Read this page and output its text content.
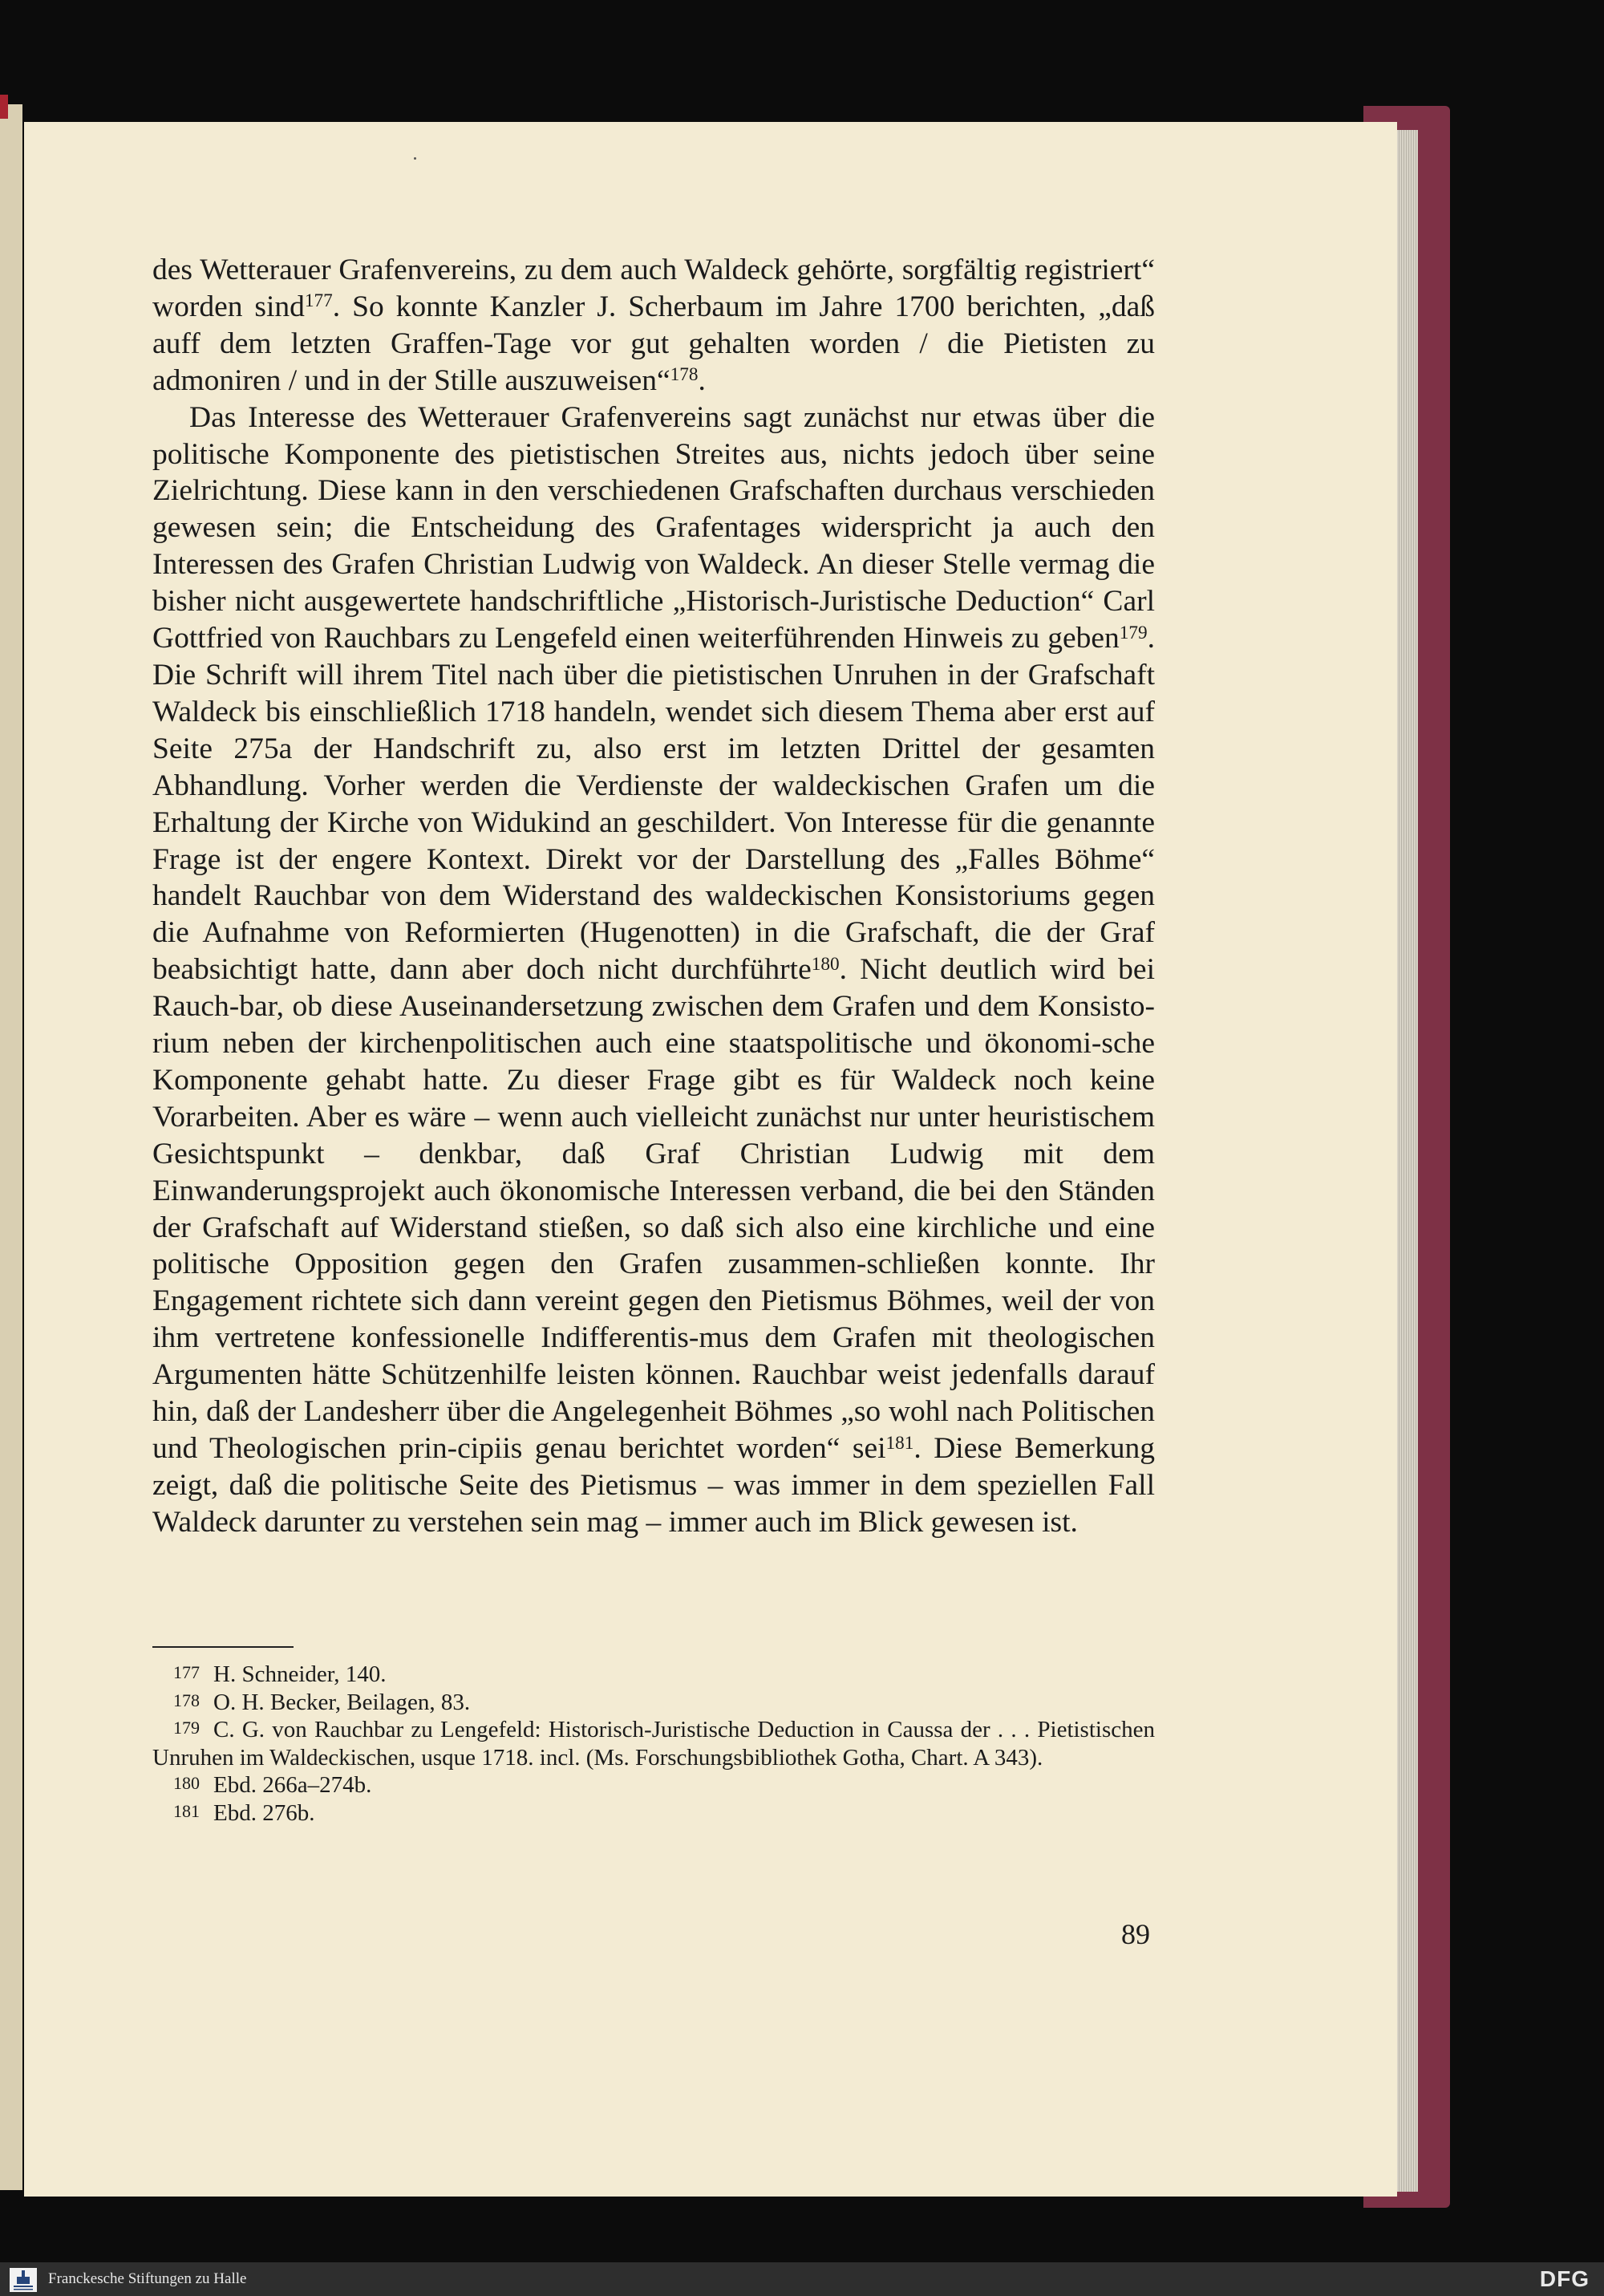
des Wetterauer Grafenvereins, zu dem auch Waldeck gehörte, sorgfältig registriert“ worden sind$^{177}$. So konnte Kanzler J. Scherbaum im Jahre 1700 berichten, „daß auff dem letzten Graffen-Tage vor gut gehalten worden / die Pietisten zu admoniren / und in der Stille auszuweisen“$^{178}$.

Das Interesse des Wetterauer Grafenvereins sagt zunächst nur etwas über die politische Komponente des pietistischen Streites aus, nichts jedoch über seine Zielrichtung. Diese kann in den verschiedenen Grafschaften durchaus verschieden gewesen sein; die Entscheidung des Grafentages widerspricht ja auch den Interessen des Grafen Christian Ludwig von Waldeck. An dieser Stelle vermag die bisher nicht ausgewertete handschriftliche „Historisch-Juristische Deduction“ Carl Gottfried von Rauchbars zu Lengefeld einen weiterführenden Hinweis zu geben$^{179}$. Die Schrift will ihrem Titel nach über die pietistischen Unruhen in der Grafschaft Waldeck bis einschließlich 1718 handeln, wendet sich diesem Thema aber erst auf Seite 275a der Handschrift zu, also erst im letzten Drittel der gesamten Abhandlung. Vorher werden die Verdienste der waldeckischen Grafen um die Erhaltung der Kirche von Widukind an geschildert. Von Interesse für die genannte Frage ist der engere Kontext. Direkt vor der Darstellung des „Falles Böhme“ handelt Rauchbar von dem Widerstand des waldeckischen Konsistoriums gegen die Aufnahme von Reformierten (Hugenotten) in die Grafschaft, die der Graf beabsichtigt hatte, dann aber doch nicht durchführte$^{180}$. Nicht deutlich wird bei Rauch-bar, ob diese Auseinandersetzung zwischen dem Grafen und dem Konsisto-rium neben der kirchenpolitischen auch eine staatspolitische und ökonomi-sche Komponente gehabt hatte. Zu dieser Frage gibt es für Waldeck noch keine Vorarbeiten. Aber es wäre – wenn auch vielleicht zunächst nur unter heuristischem Gesichtspunkt – denkbar, daß Graf Christian Ludwig mit dem Einwanderungsprojekt auch ökonomische Interessen verband, die bei den Ständen der Grafschaft auf Widerstand stießen, so daß sich also eine kirchliche und eine politische Opposition gegen den Grafen zusammen-schließen konnte. Ihr Engagement richtete sich dann vereint gegen den Pietismus Böhmes, weil der von ihm vertretene konfessionelle Indifferentis-mus dem Grafen mit theologischen Argumenten hätte Schützenhilfe leisten können. Rauchbar weist jedenfalls darauf hin, daß der Landesherr über die Angelegenheit Böhmes „so wohl nach Politischen und Theologischen prin-cipiis genau berichtet worden“ sei$^{181}$. Diese Bemerkung zeigt, daß die politische Seite des Pietismus – was immer in dem speziellen Fall Waldeck darunter zu verstehen sein mag – immer auch im Blick gewesen ist.

177 H. Schneider, 140.

178 O. H. Becker, Beilagen, 83.

179 C. G. von Rauchbar zu Lengefeld: Historisch-Juristische Deduction in Caussa der . . . Pietistischen Unruhen im Waldeckischen, usque 1718. incl. (Ms. Forschungsbibliothek Gotha, Chart. A 343).

180 Ebd. 266a–274b.

181 Ebd. 276b.

89
Franckesche Stiftungen zu Halle	DFG
